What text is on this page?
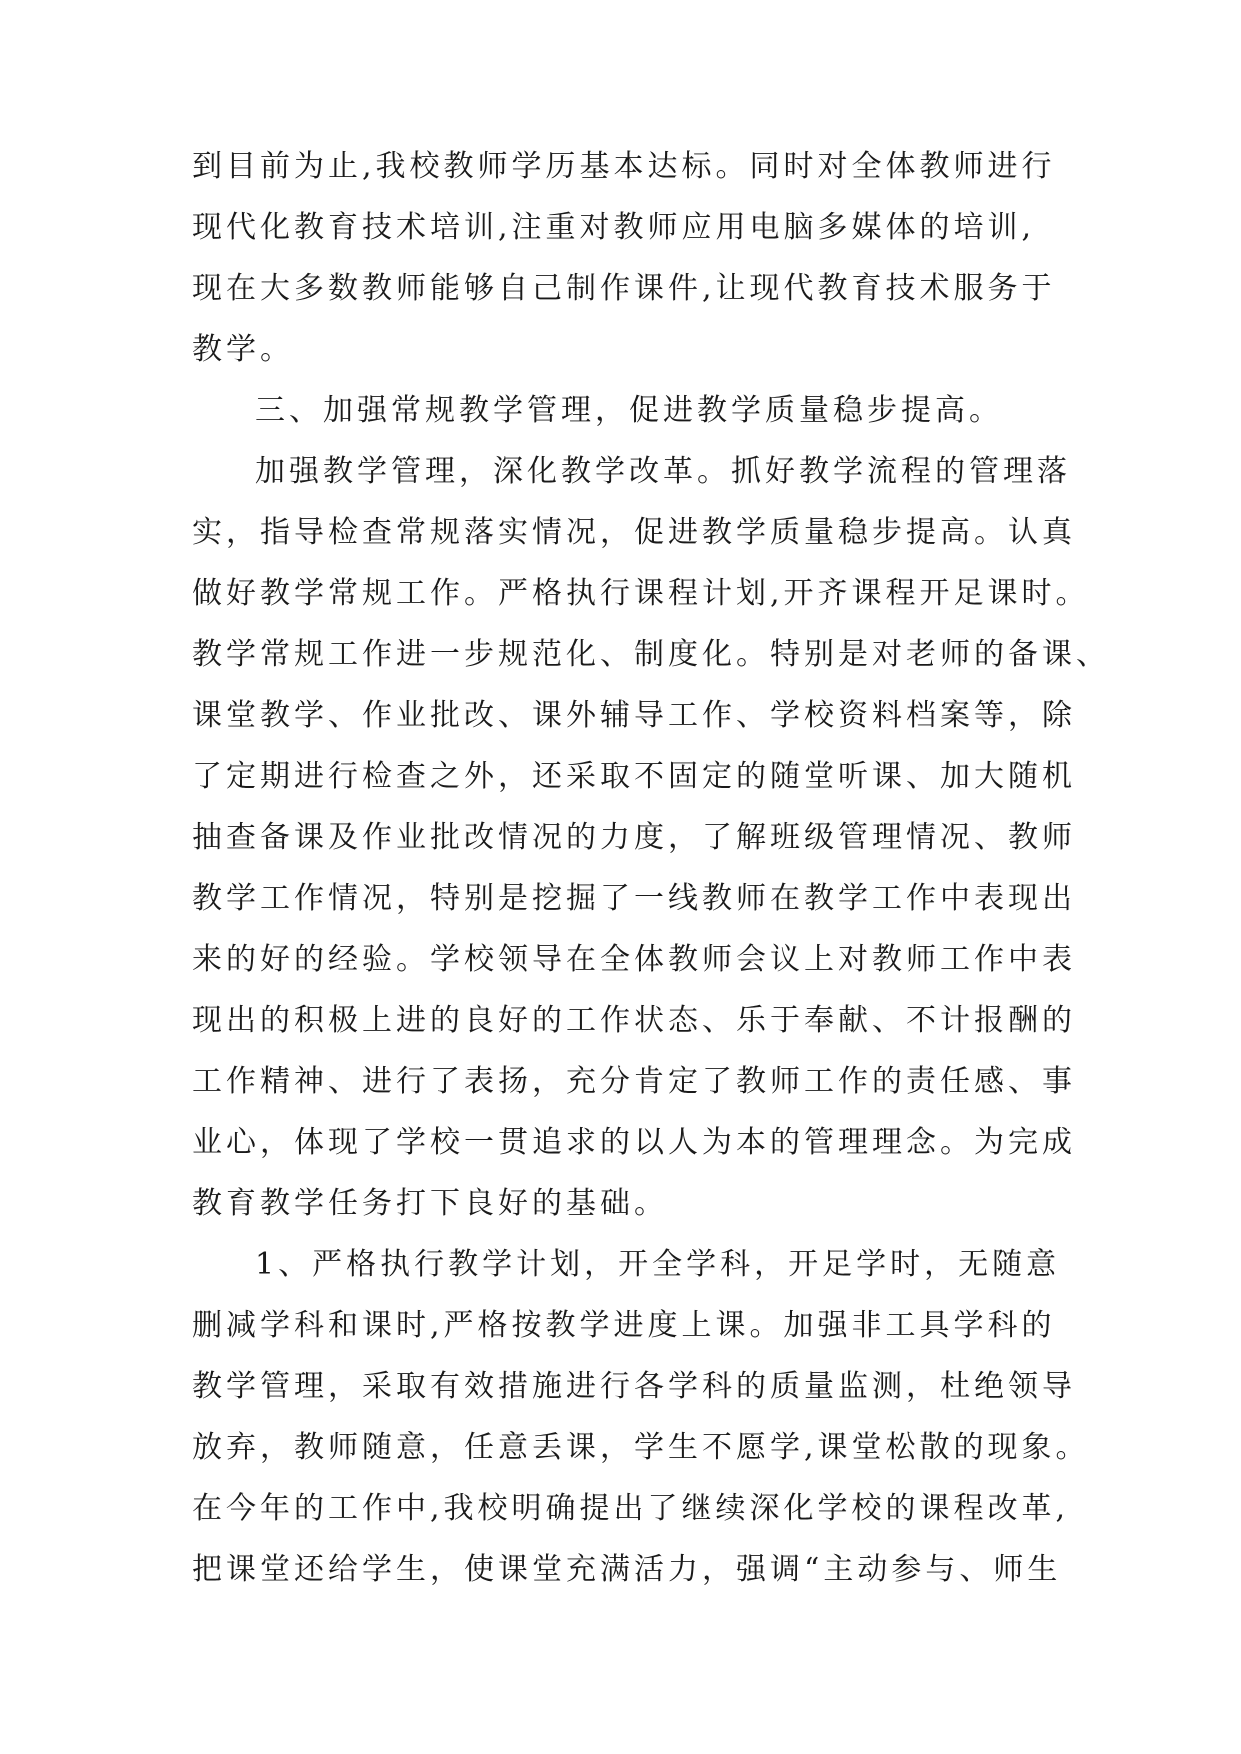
到目前为止,我校教师学历基本达标。同时对全体教师进行
现代化教育技术培训,注重对教师应用电脑多媒体的培训,
现在大多数教师能够自己制作课件,让现代教育技术服务于
教学。
三、加强常规教学管理，促进教学质量稳步提高。
加强教学管理，深化教学改革。抓好教学流程的管理落
实，指导检查常规落实情况，促进教学质量稳步提高。认真
做好教学常规工作。严格执行课程计划,开齐课程开足课时。
教学常规工作进一步规范化、制度化。特别是对老师的备课、
课堂教学、作业批改、课外辅导工作、学校资料档案等，除
了定期进行检查之外，还采取不固定的随堂听课、加大随机
抽查备课及作业批改情况的力度，了解班级管理情况、教师
教学工作情况，特别是挖掘了一线教师在教学工作中表现出
来的好的经验。学校领导在全体教师会议上对教师工作中表
现出的积极上进的良好的工作状态、乐于奉献、不计报酬的
工作精神、进行了表扬，充分肯定了教师工作的责任感、事
业心，体现了学校一贯追求的以人为本的管理理念。为完成
教育教学任务打下良好的基础。
1、严格执行教学计划，开全学科，开足学时，无随意
删减学科和课时,严格按教学进度上课。加强非工具学科的
教学管理，采取有效措施进行各学科的质量监测，杜绝领导
放弃，教师随意，任意丢课，学生不愿学,课堂松散的现象。
在今年的工作中,我校明确提出了继续深化学校的课程改革,
把课堂还给学生，使课堂充满活力，强调“主动参与、师生
